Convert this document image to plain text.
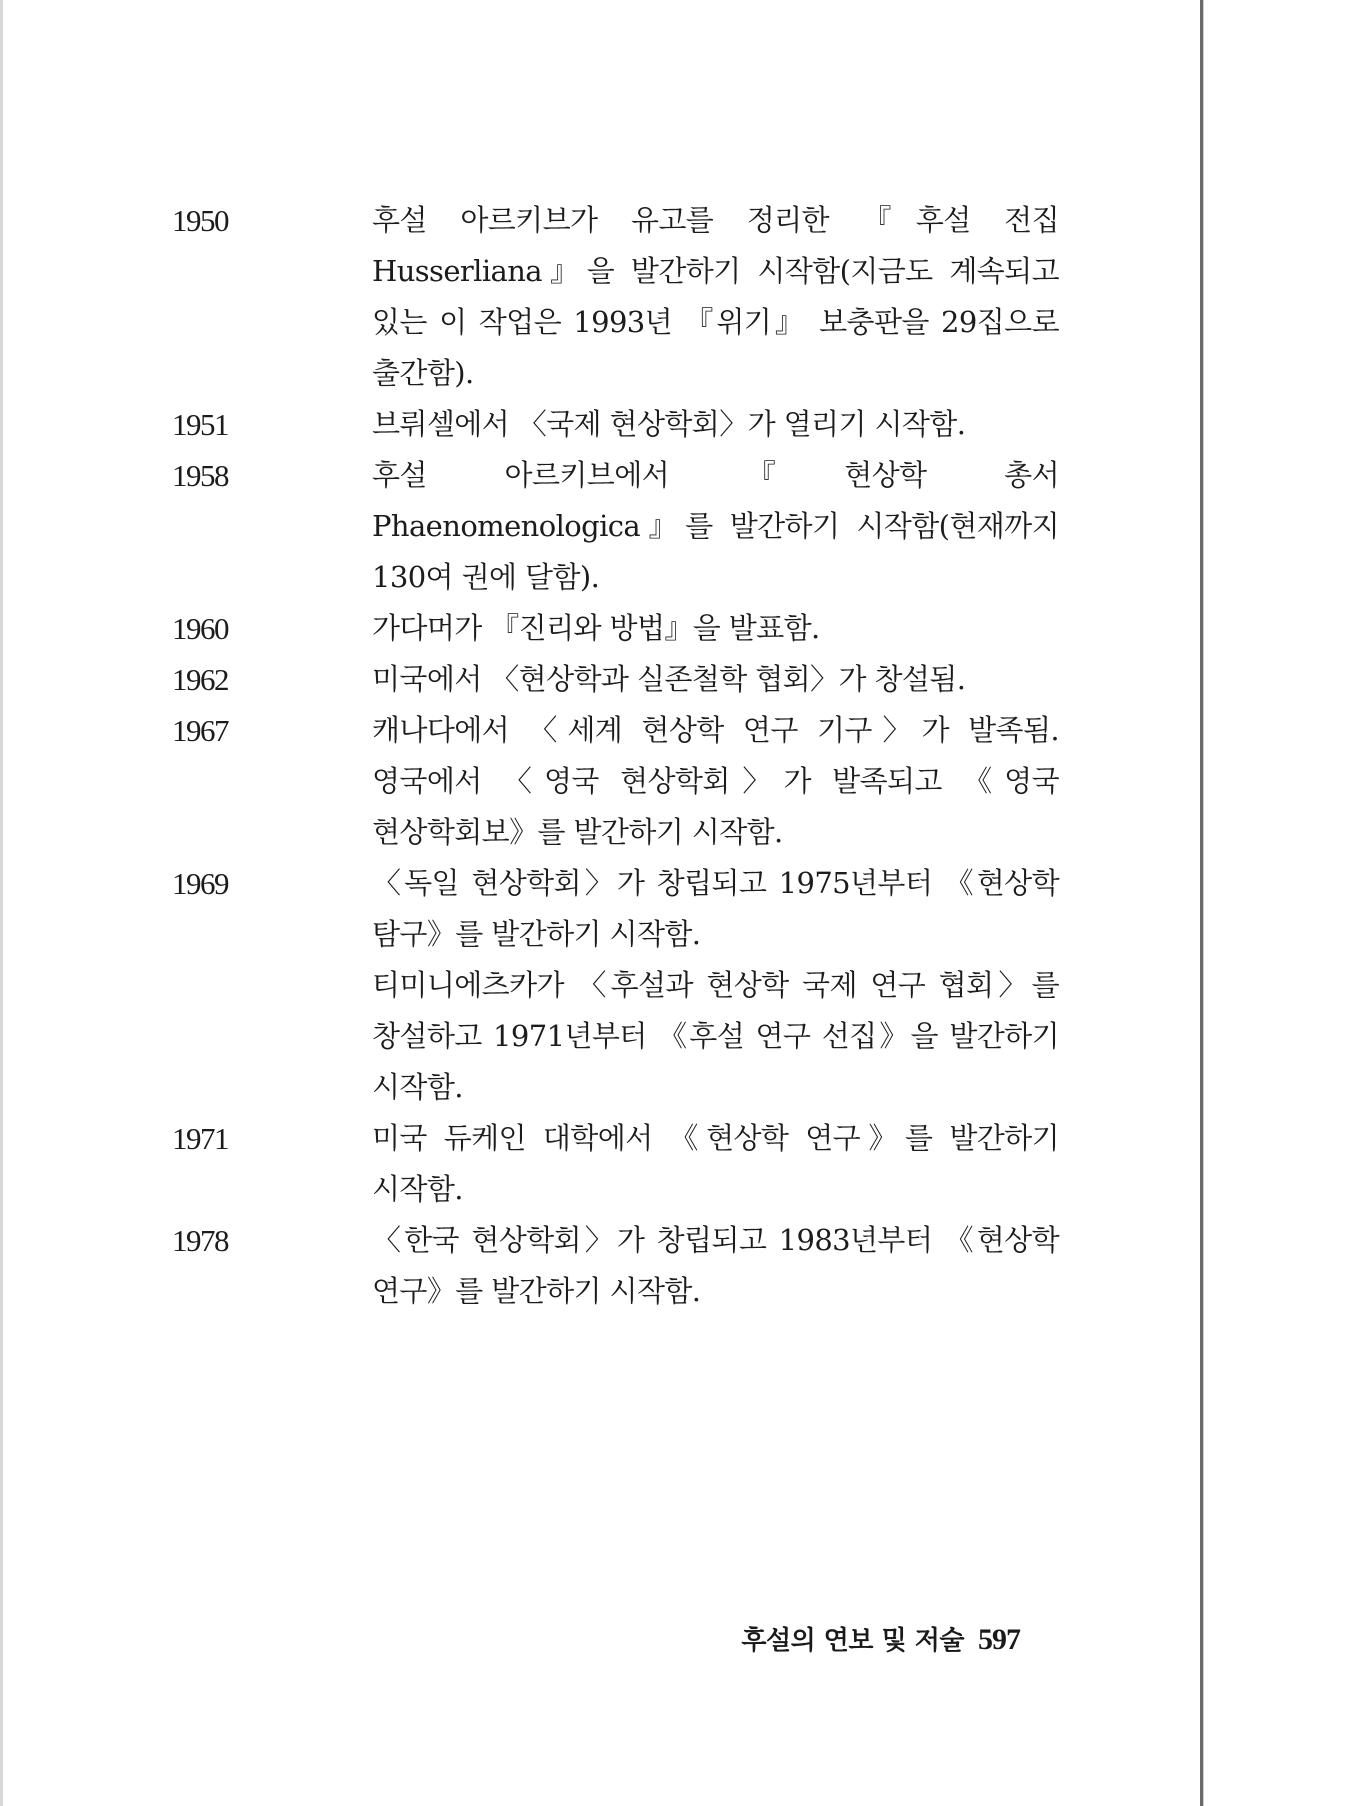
1950	후설 아르키브가 유고를 정리한 『후설 전집 Husserliana』을 발간하기 시작함(지금도 계속되고 있는 이 작업은 1993년 『위기』 보충판을 29집으로 출간함).
1951	브뤼셀에서 〈국제 현상학회〉가 열리기 시작함.
1958	후설 아르키브에서 『현상학 총서 Phaenomenologica』를 발간하기 시작함(현재까지 130여 권에 달함).
1960	가다머가 『진리와 방법』을 발표함.
1962	미국에서 〈현상학과 실존철학 협회〉가 창설됨.
1967	캐나다에서 〈세계 현상학 연구 기구〉가 발족됨. 영국에서 〈영국 현상학회〉가 발족되고 《영국 현상학회보》를 발간하기 시작함.
1969	〈독일 현상학회〉가 창립되고 1975년부터 《현상학 탐구》를 발간하기 시작함.
티미니에츠카가 〈후설과 현상학 국제 연구 협회〉를 창설하고 1971년부터 《후설 연구 선집》을 발간하기 시작함.
1971	미국 듀케인 대학에서 《현상학 연구》를 발간하기 시작함.
1978	〈한국 현상학회〉가 창립되고 1983년부터 《현상학 연구》를 발간하기 시작함.
후설의 연보 및 저술 597
